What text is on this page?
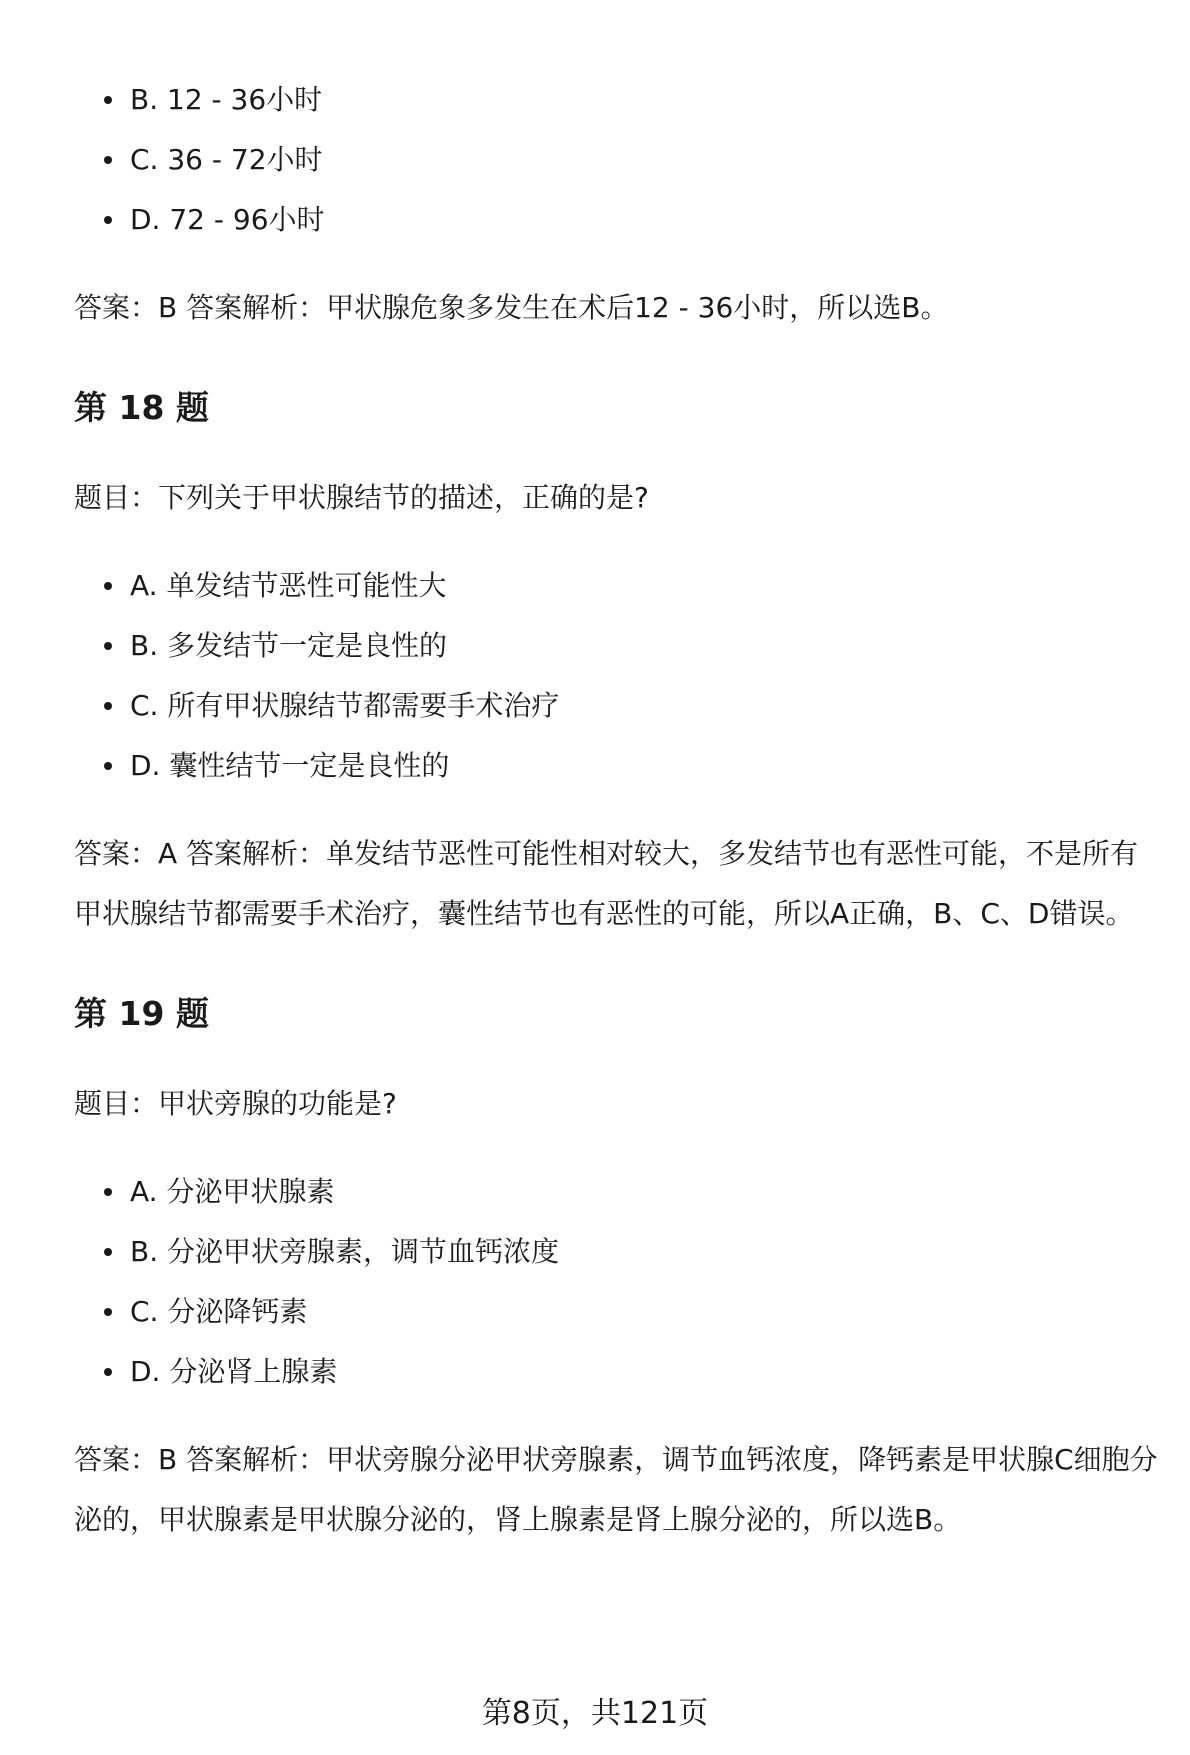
B. 12 - 36小时
C. 36 - 72小时
D. 72 - 96小时

答案：B 答案解析：甲状腺危象多发生在术后12 - 36小时，所以选B。

第 18 题

题目：下列关于甲状腺结节的描述，正确的是?

A. 单发结节恶性可能性大
B. 多发结节一定是良性的
C. 所有甲状腺结节都需要手术治疗
D. 囊性结节一定是良性的

答案：A 答案解析：单发结节恶性可能性相对较大，多发结节也有恶性可能，不是所有甲状腺结节都需要手术治疗，囊性结节也有恶性的可能，所以A正确，B、C、D错误。

第 19 题

题目：甲状旁腺的功能是?

A. 分泌甲状腺素
B. 分泌甲状旁腺素，调节血钙浓度
C. 分泌降钙素
D. 分泌肾上腺素

答案：B 答案解析：甲状旁腺分泌甲状旁腺素，调节血钙浓度，降钙素是甲状腺C细胞分泌的，甲状腺素是甲状腺分泌的，肾上腺素是肾上腺分泌的，所以选B。

第8页，共121页
